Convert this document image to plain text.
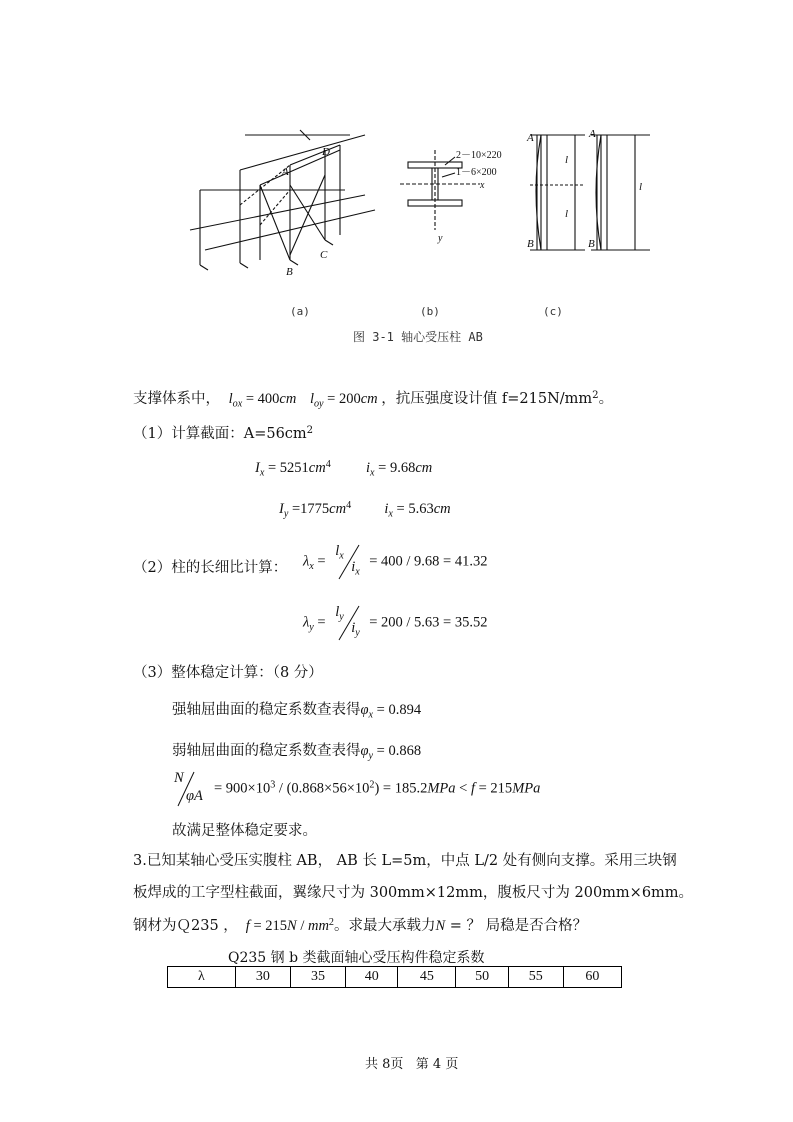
A
B
C
D	2－10×220
1－6×200
x
y
A
B
A
B
l
l
l
(a)	(b)	(c)
图 3-1 轴心受压柱 AB
支撑体系中， $l_{ox} = 400cm$ $l_{oy} = 200cm$ ，抗压强度设计值 $f=215N/mm^2$。
（1）计算截面：$A=56cm^2$
$I_x = 5251cm^4$ $i_x = 9.68cm$
$I_y =1775cm^4$ $i_x = 5.63cm$
（2）柱的长细比计算： $\lambda_x$ =
$l_x$
$i_x$
= 400 / 9.68 = 41.32
$\lambda_y$ =
$l_y$
$i_y$
= 200 / 5.63 = 35.52
（3）整体稳定计算：（8 分）
强轴屈曲面的稳定系数查表得$\varphi_x = 0.894$
弱轴屈曲面的稳定系数查表得$\varphi_y = 0.868$
N
$\varphi A = 900\times 10^3 / (0.868\times 56\times 10^2) = 185.2MPa < f = 215MPa$
故满足整体稳定要求。
3.已知某轴心受压实腹柱 AB， AB 长 L=5m，中点 L/2 处有侧向支撑。采用三块钢
板焊成的工字型柱截面，翼缘尺寸为 300mm×12mm，腹板尺寸为 200mm×6mm。
钢材为Ｑ235 ， $f = 215N / mm^2$。求最大承载力N = ？ 局稳是否合格？
Q235 钢 b 类截面轴心受压构件稳定系数
λ	30	35	40	45	50	55	60
共 8页   第 4 页
